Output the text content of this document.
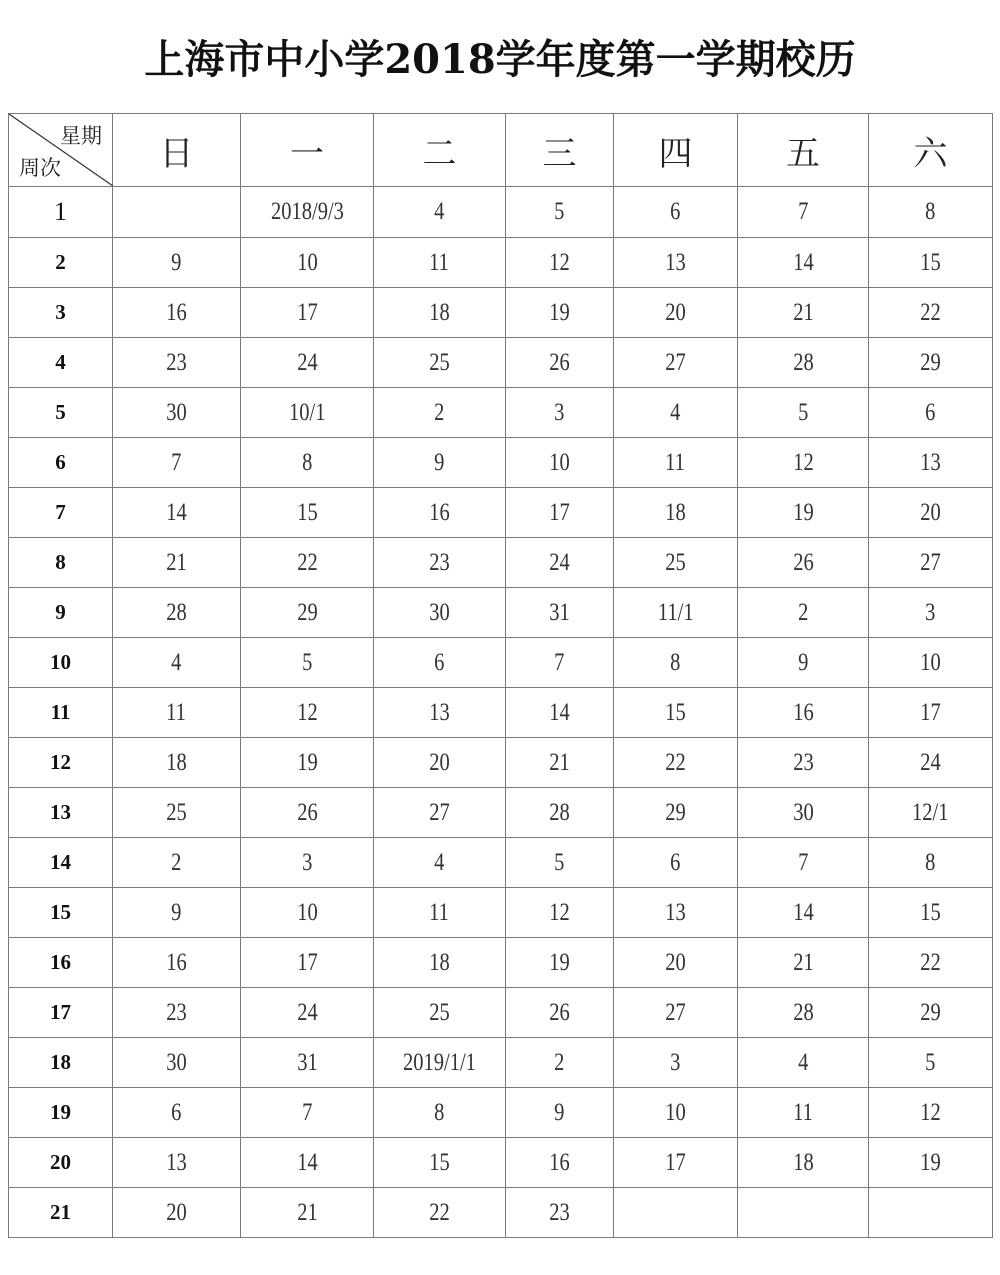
上海市中小学2018学年度第一学期校历
星期
周次	日	一	二	三	四	五	六
1		2018/9/3	4	5	6	7	8
2	9	10	11	12	13	14	15
3	16	17	18	19	20	21	22
4	23	24	25	26	27	28	29
5	30	10/1	2	3	4	5	6
6	7	8	9	10	11	12	13
7	14	15	16	17	18	19	20
8	21	22	23	24	25	26	27
9	28	29	30	31	11/1	2	3
10	4	5	6	7	8	9	10
11	11	12	13	14	15	16	17
12	18	19	20	21	22	23	24
13	25	26	27	28	29	30	12/1
14	2	3	4	5	6	7	8
15	9	10	11	12	13	14	15
16	16	17	18	19	20	21	22
17	23	24	25	26	27	28	29
18	30	31	2019/1/1	2	3	4	5
19	6	7	8	9	10	11	12
20	13	14	15	16	17	18	19
21	20	21	22	23			
